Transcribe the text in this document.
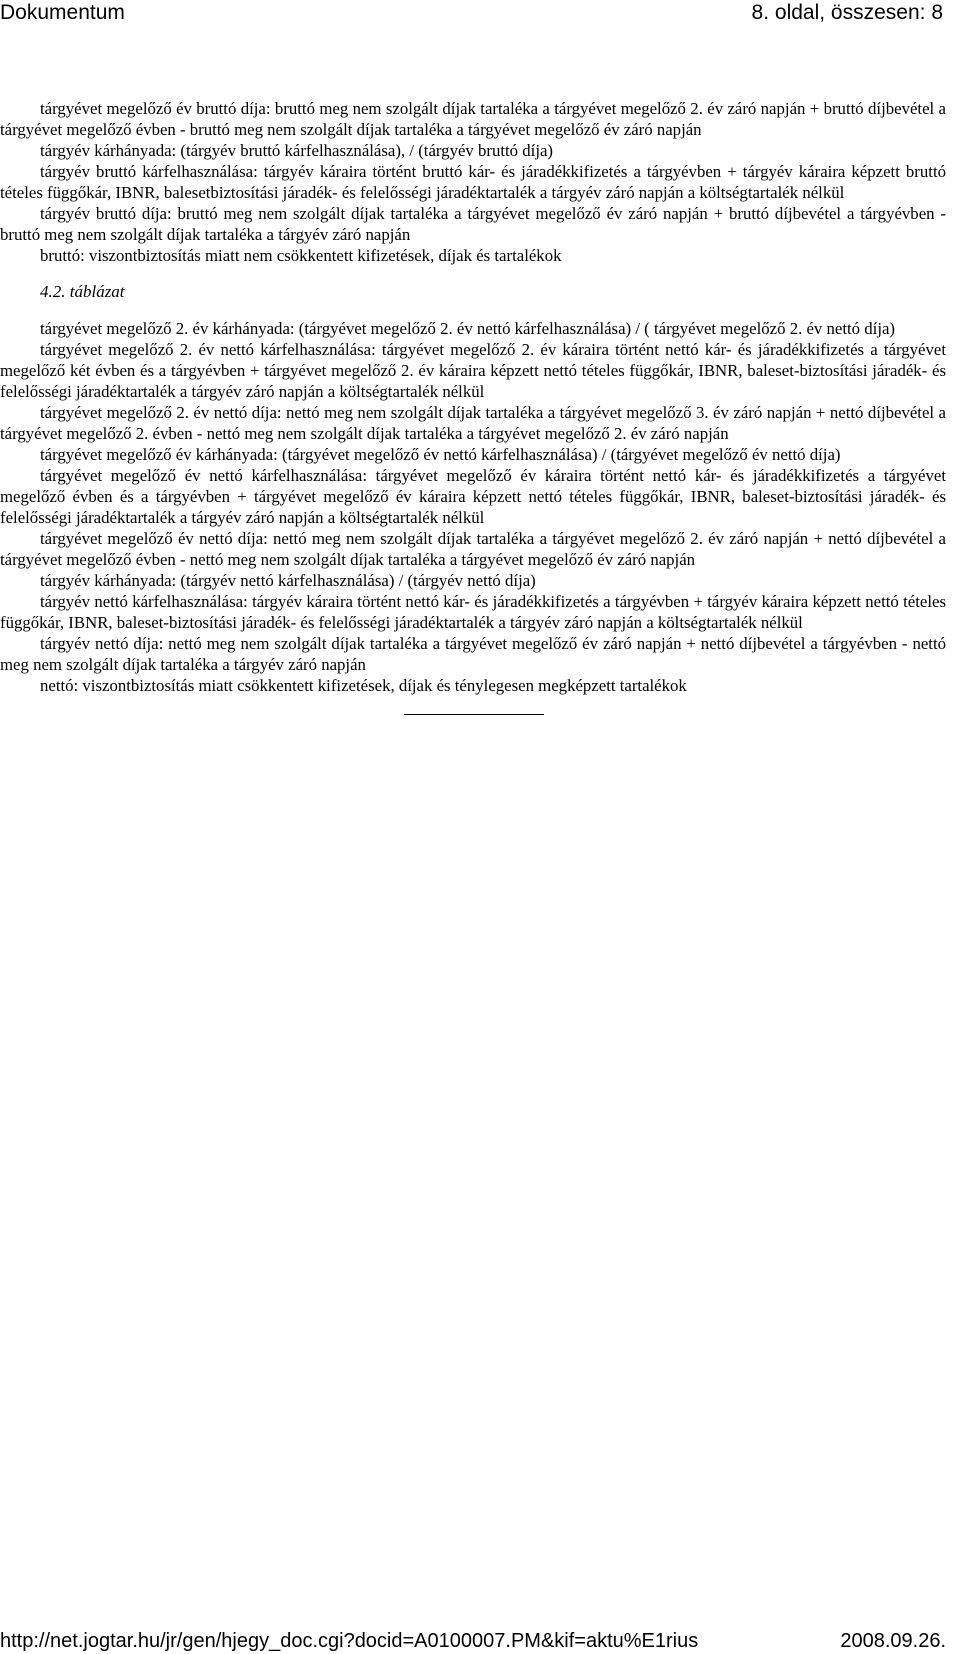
Dokumentum	8. oldal, összesen: 8

tárgyévet megelőző év bruttó díja: bruttó meg nem szolgált díjak tartaléka a tárgyévet megelőző 2. év záró napján + bruttó díjbevétel a tárgyévet megelőző évben - bruttó meg nem szolgált díjak tartaléka a tárgyévet megelőző év záró napján

tárgyév kárhányada: (tárgyév bruttó kárfelhasználása), / (tárgyév bruttó díja)

tárgyév bruttó kárfelhasználása: tárgyév káraira történt bruttó kár- és járadékkifizetés a tárgyévben + tárgyév káraira képzett bruttó tételes függőkár, IBNR, balesetbiztosítási járadék- és felelősségi járadéktartalék a tárgyév záró napján a költségtartalék nélkül

tárgyév bruttó díja: bruttó meg nem szolgált díjak tartaléka a tárgyévet megelőző év záró napján + bruttó díjbevétel a tárgyévben - bruttó meg nem szolgált díjak tartaléka a tárgyév záró napján

bruttó: viszontbiztosítás miatt nem csökkentett kifizetések, díjak és tartalékok

4.2. táblázat

tárgyévet megelőző 2. év kárhányada: (tárgyévet megelőző 2. év nettó kárfelhasználása) / ( tárgyévet megelőző 2. év nettó díja)

tárgyévet megelőző 2. év nettó kárfelhasználása: tárgyévet megelőző 2. év káraira történt nettó kár- és járadékkifizetés a tárgyévet megelőző két évben és a tárgyévben + tárgyévet megelőző 2. év káraira képzett nettó tételes függőkár, IBNR, baleset-biztosítási járadék- és felelősségi járadéktartalék a tárgyév záró napján a költségtartalék nélkül

tárgyévet megelőző 2. év nettó díja: nettó meg nem szolgált díjak tartaléka a tárgyévet megelőző 3. év záró napján + nettó díjbevétel a tárgyévet megelőző 2. évben - nettó meg nem szolgált díjak tartaléka a tárgyévet megelőző 2. év záró napján

tárgyévet megelőző év kárhányada: (tárgyévet megelőző év nettó kárfelhasználása) / (tárgyévet megelőző év nettó díja)

tárgyévet megelőző év nettó kárfelhasználása: tárgyévet megelőző év káraira történt nettó kár- és járadékkifizetés a tárgyévet megelőző évben és a tárgyévben + tárgyévet megelőző év káraira képzett nettó tételes függőkár, IBNR, baleset-biztosítási járadék- és felelősségi járadéktartalék a tárgyév záró napján a költségtartalék nélkül

tárgyévet megelőző év nettó díja: nettó meg nem szolgált díjak tartaléka a tárgyévet megelőző 2. év záró napján + nettó díjbevétel a tárgyévet megelőző évben - nettó meg nem szolgált díjak tartaléka a tárgyévet megelőző év záró napján

tárgyév kárhányada: (tárgyév nettó kárfelhasználása) / (tárgyév nettó díja)

tárgyév nettó kárfelhasználása: tárgyév káraira történt nettó kár- és járadékkifizetés a tárgyévben + tárgyév káraira képzett nettó tételes függőkár, IBNR, baleset-biztosítási járadék- és felelősségi járadéktartalék a tárgyév záró napján a költségtartalék nélkül

tárgyév nettó díja: nettó meg nem szolgált díjak tartaléka a tárgyévet megelőző év záró napján + nettó díjbevétel a tárgyévben - nettó meg nem szolgált díjak tartaléka a tárgyév záró napján

nettó: viszontbiztosítás miatt csökkentett kifizetések, díjak és ténylegesen megképzett tartalékok

http://net.jogtar.hu/jr/gen/hjegy_doc.cgi?docid=A0100007.PM&kif=aktu%E1rius	2008.09.26.
